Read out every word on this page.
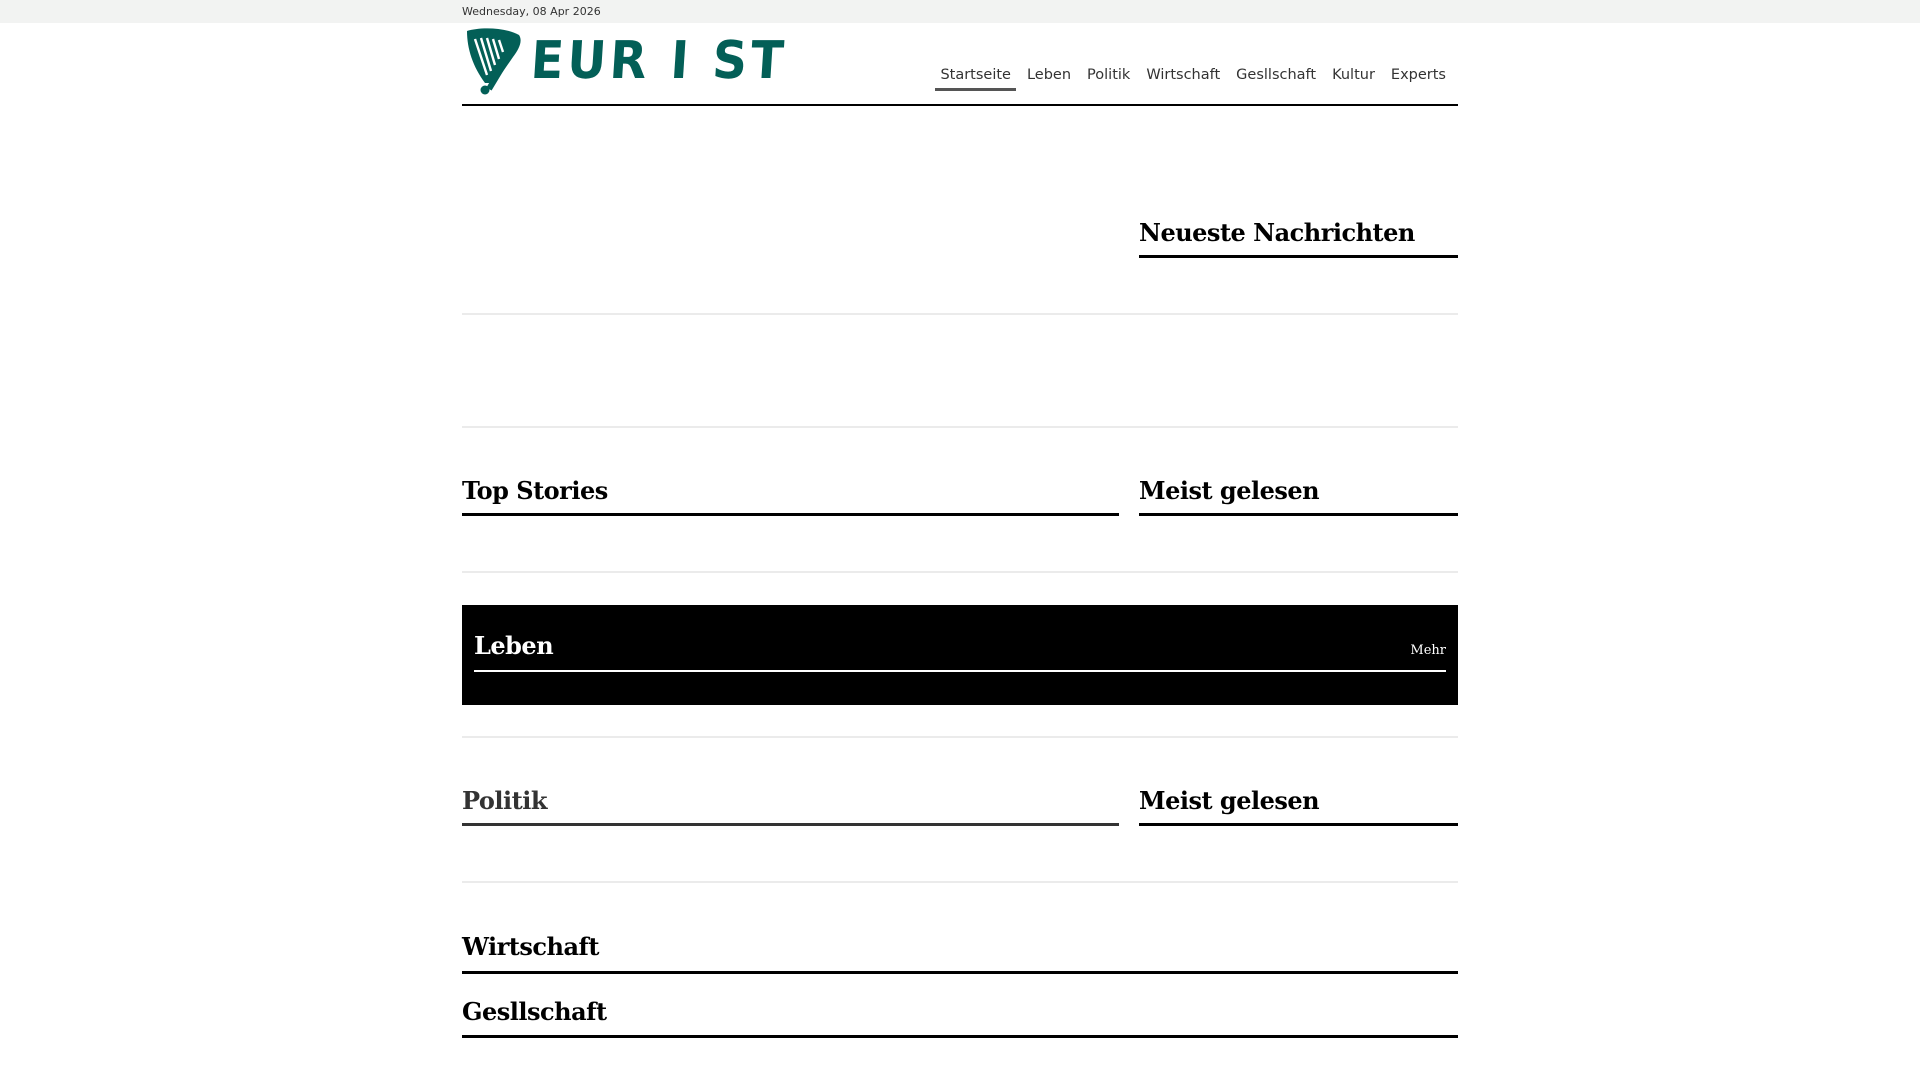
Wednesday, 08 Apr 2026
EUR I ST	Startseite	Leben	Politik	Wirtschaft	Gesllschaft	Kultur	Experts
Neueste Nachrichten
Top Stories	Meist gelesen
Leben	Mehr
Politik	Meist gelesen
Wirtschaft
Gesllschaft
